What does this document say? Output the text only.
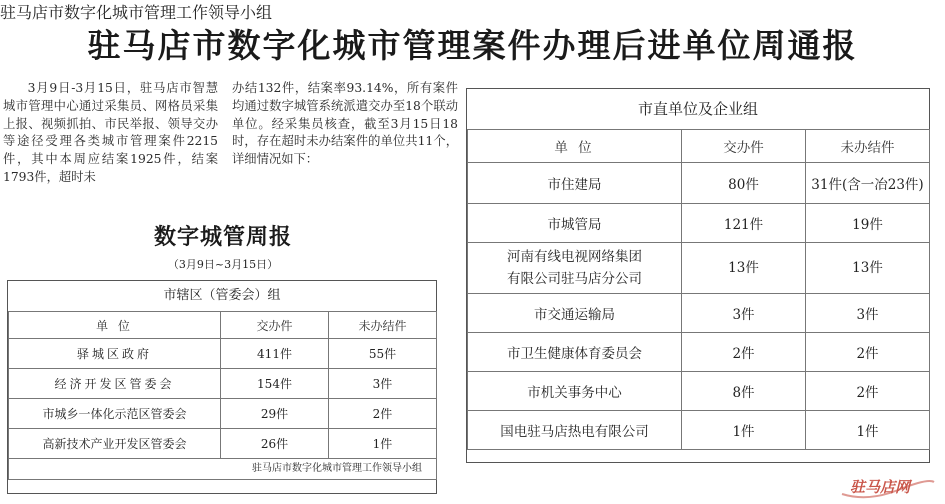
驻马店市数字化城市管理案件办理后进单位周通报
3月9日-3月15日，驻马店市智慧城市管理中心通过采集员、网格员采集上报、视频抓拍、市民举报、领导交办等途径受理各类城市管理案件2215件，其中本周应结案1925件，结案1793件，超时未
办结132件，结案率93.14%，所有案件均通过数字城管系统派遣交办至18个联动单位。经采集员核查，截至3月15日18时，存在超时未办结案件的单位共11个，详细情况如下：
数字城管周报
（3月9日~3月15日）
市辖区（管委会）组
单 位	交办件	未办结件
驿城区政府	411件	55件
经济开发区管委会	154件	3件
市城乡一体化示范区管委会	29件	2件
高新技术产业开发区管委会	26件	1件
驻马店市数字化城市管理工作领导小组		
市直单位及企业组
单 位	交办件	未办结件
市住建局	80件	31件(含一冶23件)
市城管局	121件	19件

河南有线电视网络集团
有限公司驻马店分公司	13件	13件
市交通运输局	3件	3件
市卫生健康体育委员会	2件	2件
市机关事务中心	8件	2件
国电驻马店热电有限公司	1件	1件
驻马店市数字化城市管理工作领导小组
驻马店网
